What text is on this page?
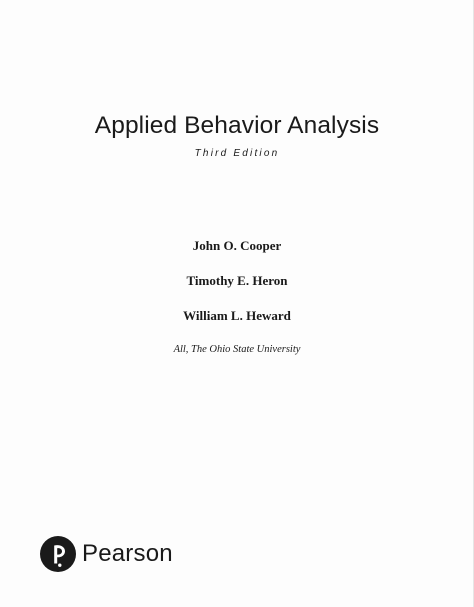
Applied Behavior Analysis
Third Edition
John O. Cooper
Timothy E. Heron
William L. Heward
All, The Ohio State University
Pearson
